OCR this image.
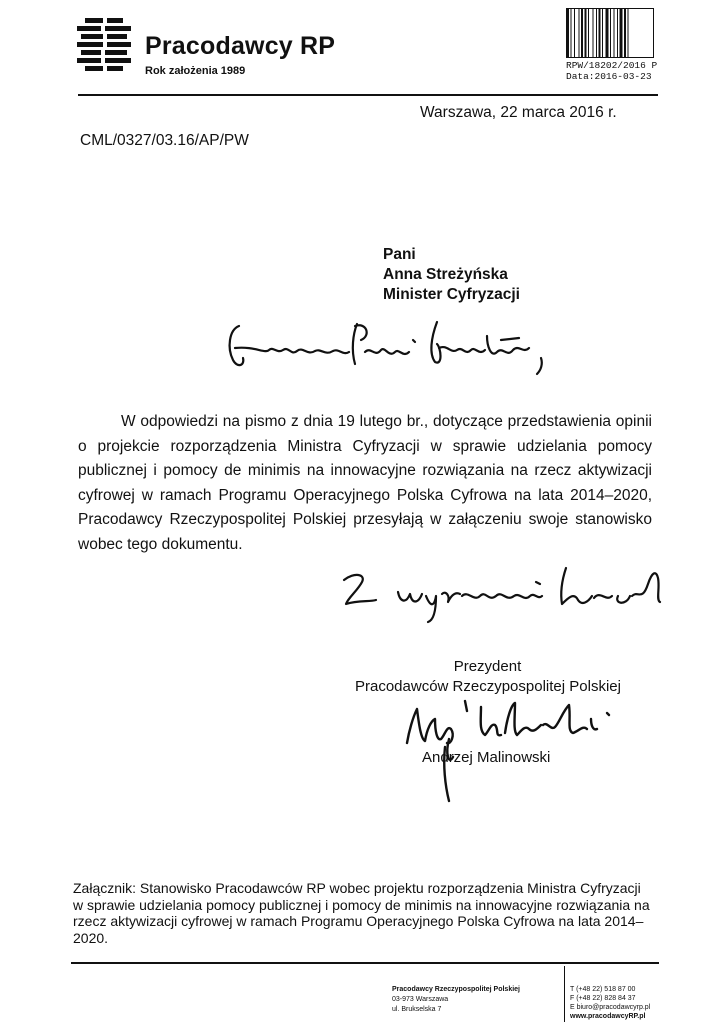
Pracodawcy RP
Rok założenia 1989	RPW/18202/2016 P
Data:2016-03-23
Warszawa, 22 marca 2016 r.
CML/0327/03.16/AP/PW
Pani
Anna Streżyńska
Minister Cyfryzacji

W odpowiedzi na pismo z dnia 19 lutego br., dotyczące przedstawienia opinii o projekcie rozporządzenia Ministra Cyfryzacji w sprawie udzielania pomocy publicznej i pomocy de minimis na innowacyjne rozwiązania na rzecz aktywizacji cyfrowej w ramach Programu Operacyjnego Polska Cyfrowa na lata 2014–2020, Pracodawcy Rzeczypospolitej Polskiej przesyłają w załączeniu swoje stanowisko wobec tego dokumentu.

Prezydent
Pracodawców Rzeczypospolitej Polskiej
Andrzej Malinowski

Załącznik: Stanowisko Pracodawców RP wobec projektu rozporządzenia Ministra Cyfryzacji w sprawie udzielania pomocy publicznej i pomocy de minimis na innowacyjne rozwiązania na rzecz aktywizacji cyfrowej w ramach Programu Operacyjnego Polska Cyfrowa na lata 2014–2020.

Pracodawcy Rzeczypospolitej Polskiej
03-973 Warszawa
ul. Brukselska 7
T (+48 22) 518 87 00
F (+48 22) 828 84 37
E biuro@pracodawcyrp.pl
www.pracodawcyRP.pl
